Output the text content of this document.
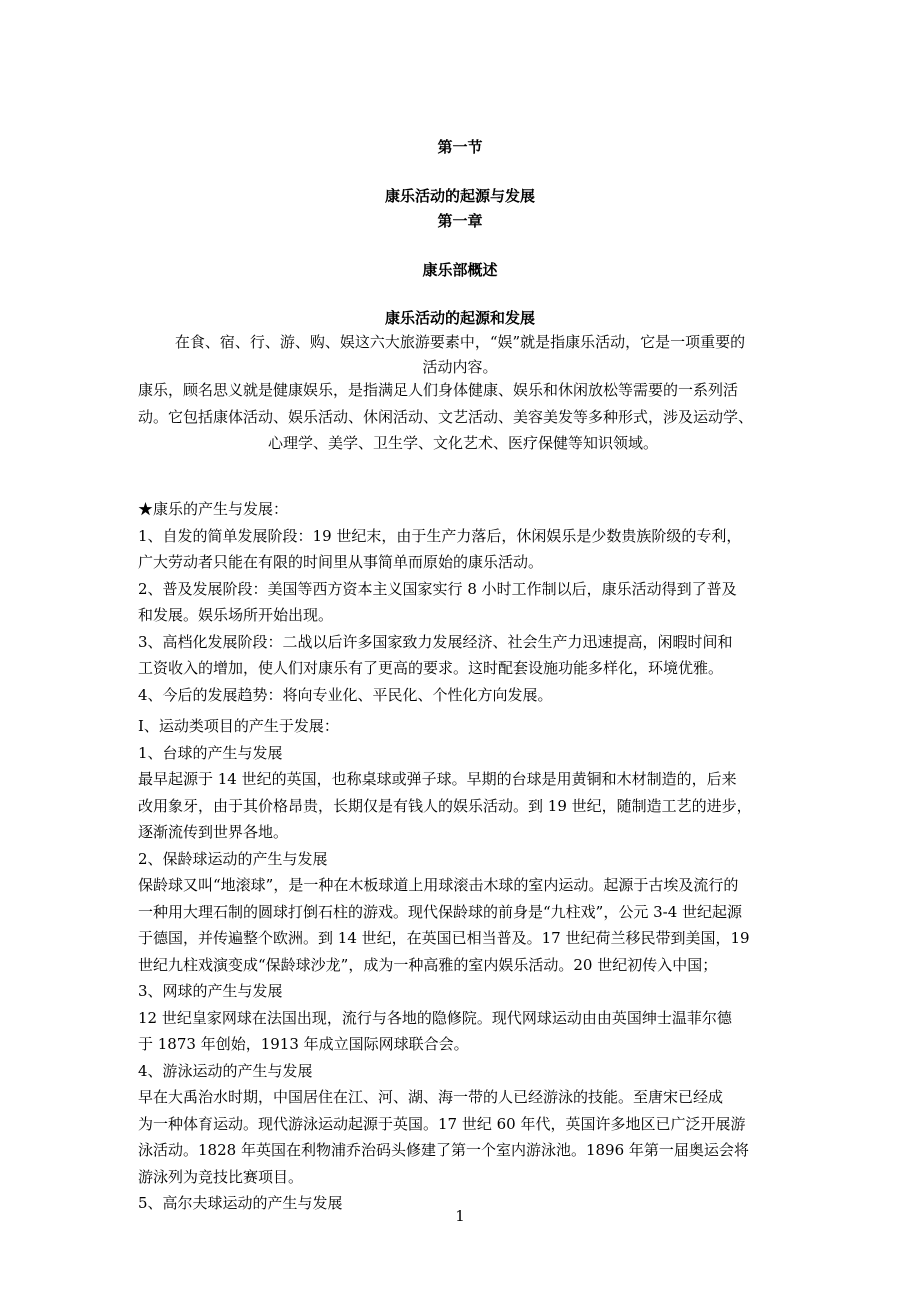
第一节
康乐活动的起源与发展
第一章
康乐部概述
康乐活动的起源和发展
在食、宿、行、游、购、娱这六大旅游要素中，“娱”就是指康乐活动，它是一项重要的
活动内容。
康乐，顾名思义就是健康娱乐，是指满足人们身体健康、娱乐和休闲放松等需要的一系列活
动。它包括康体活动、娱乐活动、休闲活动、文艺活动、美容美发等多种形式，涉及运动学、
心理学、美学、卫生学、文化艺术、医疗保健等知识领域。
★康乐的产生与发展：
1、自发的简单发展阶段：19 世纪末，由于生产力落后，休闲娱乐是少数贵族阶级的专利，
广大劳动者只能在有限的时间里从事简单而原始的康乐活动。
2、普及发展阶段：美国等西方资本主义国家实行 8 小时工作制以后，康乐活动得到了普及
和发展。娱乐场所开始出现。
3、高档化发展阶段：二战以后许多国家致力发展经济、社会生产力迅速提高，闲暇时间和
工资收入的增加，使人们对康乐有了更高的要求。这时配套设施功能多样化，环境优雅。
4、今后的发展趋势：将向专业化、平民化、个性化方向发展。
I、运动类项目的产生于发展：
1、台球的产生与发展
最早起源于 14 世纪的英国，也称桌球或弹子球。早期的台球是用黄铜和木材制造的，后来
改用象牙，由于其价格昂贵，长期仅是有钱人的娱乐活动。到 19 世纪，随制造工艺的进步，
逐渐流传到世界各地。
2、保龄球运动的产生与发展
保龄球又叫“地滚球”，是一种在木板球道上用球滚击木球的室内运动。起源于古埃及流行的
一种用大理石制的圆球打倒石柱的游戏。现代保龄球的前身是“九柱戏”，公元 3-4 世纪起源
于德国，并传遍整个欧洲。到 14 世纪，在英国已相当普及。17 世纪荷兰移民带到美国，19
世纪九柱戏演变成“保龄球沙龙”，成为一种高雅的室内娱乐活动。20 世纪初传入中国；
3、网球的产生与发展
12 世纪皇家网球在法国出现，流行与各地的隐修院。现代网球运动由由英国绅士温菲尔德
于 1873 年创始，1913 年成立国际网球联合会。
4、游泳运动的产生与发展
早在大禹治水时期，中国居住在江、河、湖、海一带的人已经游泳的技能。至唐宋已经成
为一种体育运动。现代游泳运动起源于英国。17 世纪 60 年代，英国许多地区已广泛开展游
泳活动。1828 年英国在利物浦乔治码头修建了第一个室内游泳池。1896 年第一届奥运会将
游泳列为竞技比赛项目。
5、高尔夫球运动的产生与发展
1
